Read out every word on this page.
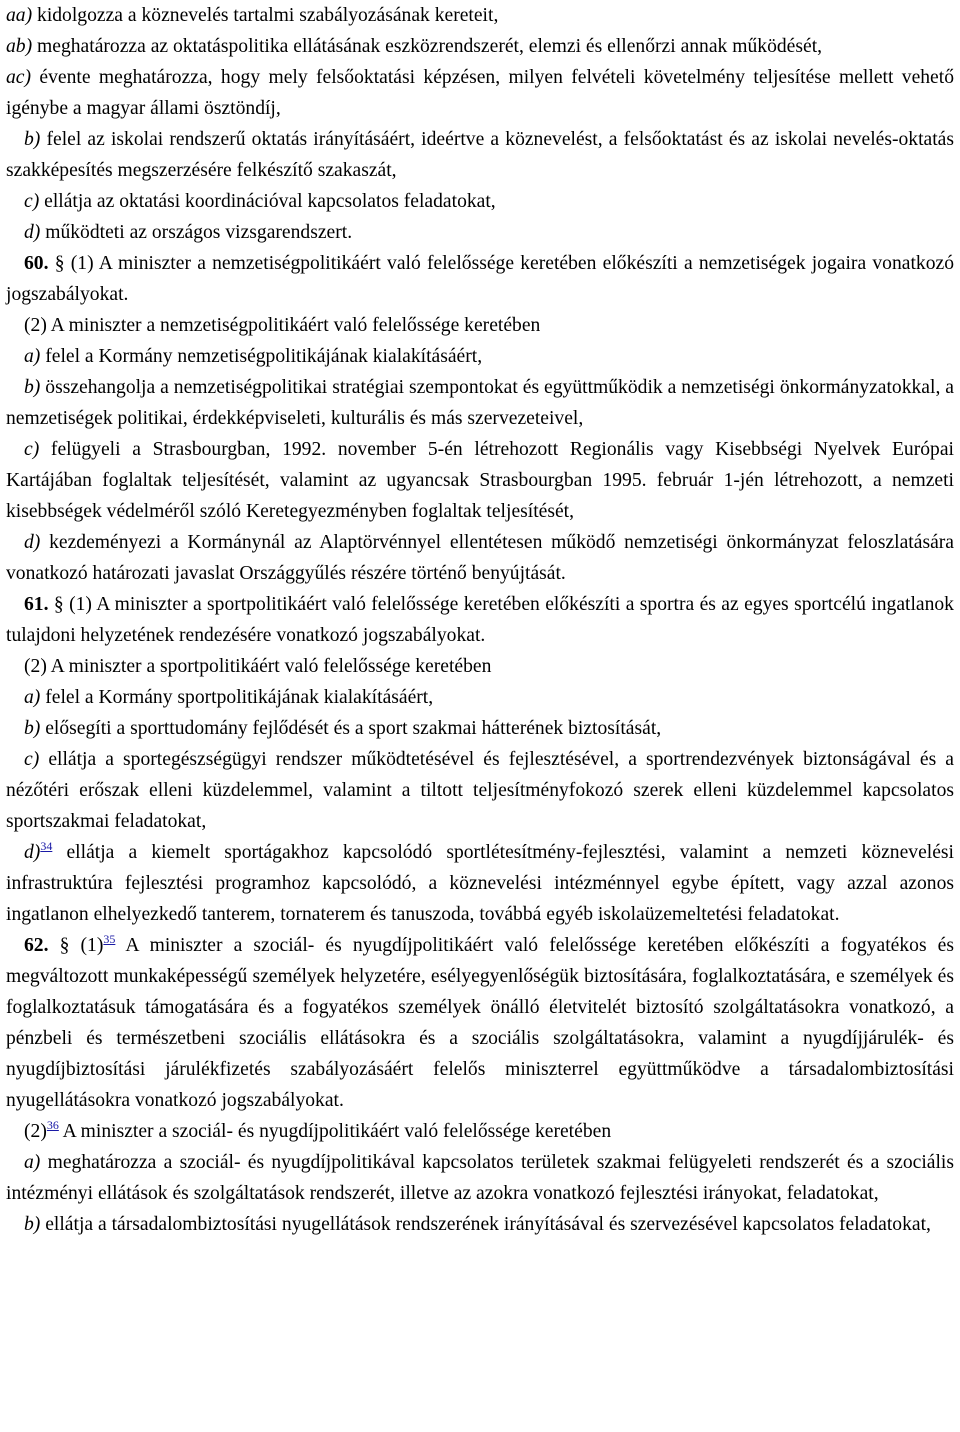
aa) kidolgozza a köznevelés tartalmi szabályozásának kereteit,

ab) meghatározza az oktatáspolitika ellátásának eszközrendszerét, elemzi és ellenőrzi annak működését,

ac) évente meghatározza, hogy mely felsőoktatási képzésen, milyen felvételi követelmény teljesítése mellett vehető igénybe a magyar állami ösztöndíj,

b) felel az iskolai rendszerű oktatás irányításáért, ideértve a köznevelést, a felsőoktatást és az iskolai nevelés-oktatás szakképesítés megszerzésére felkészítő szakaszát,

c) ellátja az oktatási koordinációval kapcsolatos feladatokat,

d) működteti az országos vizsgarendszert.

60. § (1) A miniszter a nemzetiségpolitikáért való felelőssége keretében előkészíti a nemzetiségek jogaira vonatkozó jogszabályokat.

(2) A miniszter a nemzetiségpolitikáért való felelőssége keretében

a) felel a Kormány nemzetiségpolitikájának kialakításáért,

b) összehangolja a nemzetiségpolitikai stratégiai szempontokat és együttműködik a nemzetiségi önkormányzatokkal, a nemzetiségek politikai, érdekképviseleti, kulturális és más szervezeteivel,

c) felügyeli a Strasbourgban, 1992. november 5-én létrehozott Regionális vagy Kisebbségi Nyelvek Európai Kartájában foglaltak teljesítését, valamint az ugyancsak Strasbourgban 1995. február 1-jén létrehozott, a nemzeti kisebbségek védelméről szóló Keretegyezményben foglaltak teljesítését,

d) kezdeményezi a Kormánynál az Alaptörvénnyel ellentétesen működő nemzetiségi önkormányzat feloszlatására vonatkozó határozati javaslat Országgyűlés részére történő benyújtását.

61. § (1) A miniszter a sportpolitikáért való felelőssége keretében előkészíti a sportra és az egyes sportcélú ingatlanok tulajdoni helyzetének rendezésére vonatkozó jogszabályokat.

(2) A miniszter a sportpolitikáért való felelőssége keretében

a) felel a Kormány sportpolitikájának kialakításáért,

b) elősegíti a sporttudomány fejlődését és a sport szakmai hátterének biztosítását,

c) ellátja a sportegészségügyi rendszer működtetésével és fejlesztésével, a sportrendezvények biztonságával és a nézőtéri erőszak elleni küzdelemmel, valamint a tiltott teljesítményfokozó szerek elleni küzdelemmel kapcsolatos sportszakmai feladatokat,

d)$^{34}$ ellátja a kiemelt sportágakhoz kapcsolódó sportlétesítmény-fejlesztési, valamint a nemzeti köznevelési infrastruktúra fejlesztési programhoz kapcsolódó, a köznevelési intézménnyel egybe épített, vagy azzal azonos ingatlanon elhelyezkedő tanterem, tornaterem és tanuszoda, továbbá egyéb iskolaüzemeltetési feladatokat.

62. § (1)$^{35}$ A miniszter a szociál- és nyugdíjpolitikáért való felelőssége keretében előkészíti a fogyatékos és megváltozott munkaképességű személyek helyzetére, esélyegyenlőségük biztosítására, foglalkoztatására, e személyek és foglalkoztatásuk támogatására és a fogyatékos személyek önálló életvitelét biztosító szolgáltatásokra vonatkozó, a pénzbeli és természetbeni szociális ellátásokra és a szociális szolgáltatásokra, valamint a nyugdíjjárulék- és nyugdíjbiztosítási járulékfizetés szabályozásáért felelős miniszterrel együttműködve a társadalombiztosítási nyugellátásokra vonatkozó jogszabályokat.

(2)$^{36}$ A miniszter a szociál- és nyugdíjpolitikáért való felelőssége keretében

a) meghatározza a szociál- és nyugdíjpolitikával kapcsolatos területek szakmai felügyeleti rendszerét és a szociális intézményi ellátások és szolgáltatások rendszerét, illetve az azokra vonatkozó fejlesztési irányokat, feladatokat,

b) ellátja a társadalombiztosítási nyugellátások rendszerének irányításával és szervezésével kapcsolatos feladatokat,
